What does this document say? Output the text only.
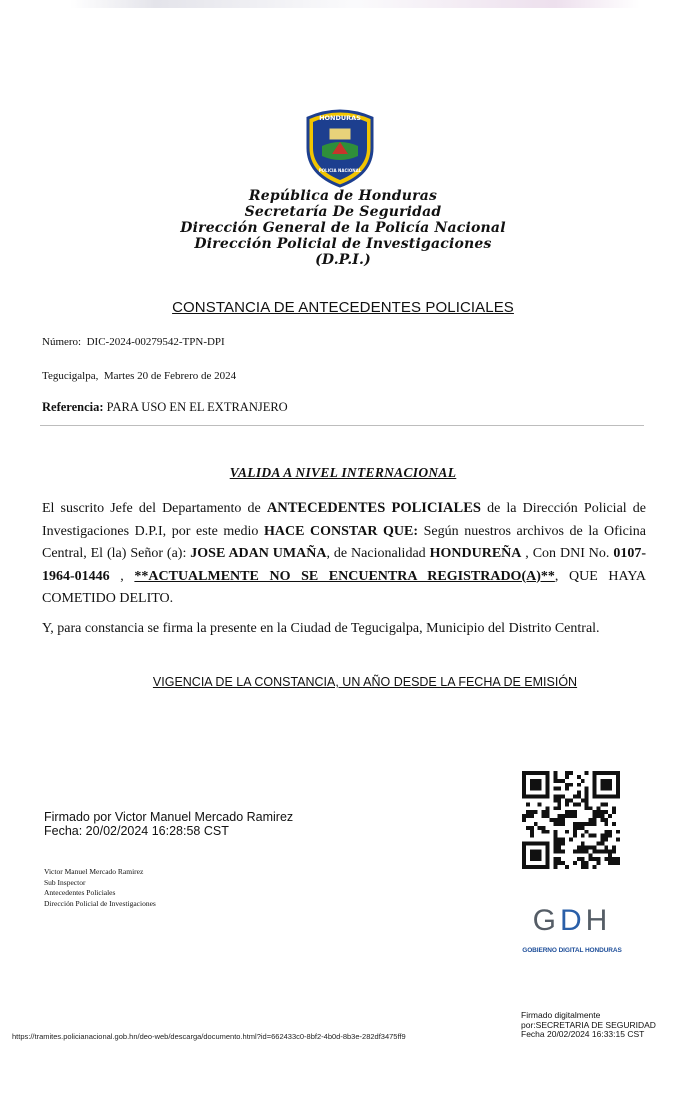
HONDURAS
POLICIA NACIONAL
República de Honduras
Secretaría De Seguridad
Dirección General de la Policía Nacional
Dirección Policial de Investigaciones
(D.P.I.)
CONSTANCIA DE ANTECEDENTES POLICIALES
Número: DIC-2024-00279542-TPN-DPI
Tegucigalpa, Martes 20 de Febrero de 2024
Referencia: PARA USO EN EL EXTRANJERO
VALIDA A NIVEL INTERNACIONAL
El suscrito Jefe del Departamento de ANTECEDENTES POLICIALES de la Dirección Policial de Investigaciones D.P.I, por este medio HACE CONSTAR QUE: Según nuestros archivos de la Oficina Central, El (la) Señor (a): JOSE ADAN UMAÑA, de Nacionalidad HONDUREÑA , Con DNI No. 0107-1964-01446 , **ACTUALMENTE NO SE ENCUENTRA REGISTRADO(A)**, QUE HAYA COMETIDO DELITO.
Y, para constancia se firma la presente en la Ciudad de Tegucigalpa, Municipio del Distrito Central.
VIGENCIA DE LA CONSTANCIA, UN AÑO DESDE LA FECHA DE EMISIÓN
Firmado por Victor Manuel Mercado Ramirez
Fecha: 20/02/2024 16:28:58 CST
Victor Manuel Mercado Ramirez
Sub Inspector
Antecedentes Policiales
Dirección Policial de Investigaciones
GDH
GOBIERNO DIGITAL HONDURAS
https://tramites.policianacional.gob.hn/deo-web/descarga/documento.html?id=662433c0-8bf2-4b0d-8b3e-282df3475ff9
Firmado digitalmente
por:SECRETARIA DE SEGURIDAD
Fecha 20/02/2024 16:33:15 CST
